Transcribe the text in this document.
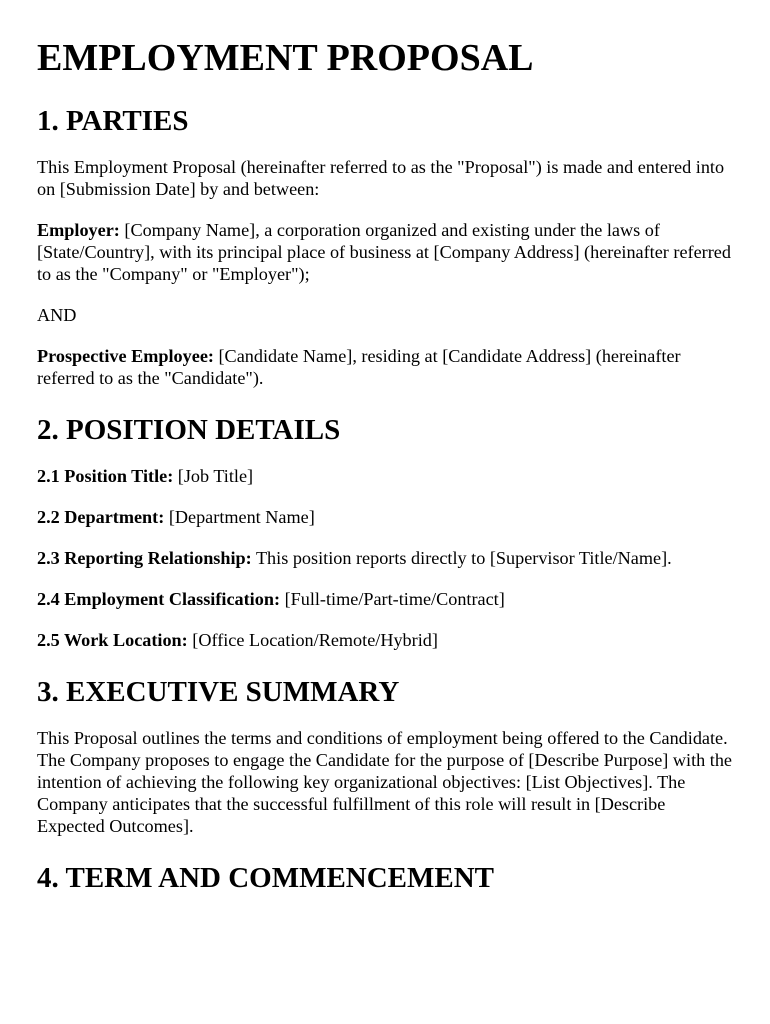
EMPLOYMENT PROPOSAL
1. PARTIES

This Employment Proposal (hereinafter referred to as the "Proposal") is made and entered into on [Submission Date] by and between:

Employer: [Company Name], a corporation organized and existing under the laws of [State/Country], with its principal place of business at [Company Address] (hereinafter referred to as the "Company" or "Employer");

AND

Prospective Employee: [Candidate Name], residing at [Candidate Address] (hereinafter referred to as the "Candidate").

2. POSITION DETAILS

2.1 Position Title: [Job Title]

2.2 Department: [Department Name]

2.3 Reporting Relationship: This position reports directly to [Supervisor Title/Name].

2.4 Employment Classification: [Full-time/Part-time/Contract]

2.5 Work Location: [Office Location/Remote/Hybrid]

3. EXECUTIVE SUMMARY

This Proposal outlines the terms and conditions of employment being offered to the Candidate. The Company proposes to engage the Candidate for the purpose of [Describe Purpose] with the intention of achieving the following key organizational objectives: [List Objectives]. The Company anticipates that the successful fulfillment of this role will result in [Describe Expected Outcomes].

4. TERM AND COMMENCEMENT
